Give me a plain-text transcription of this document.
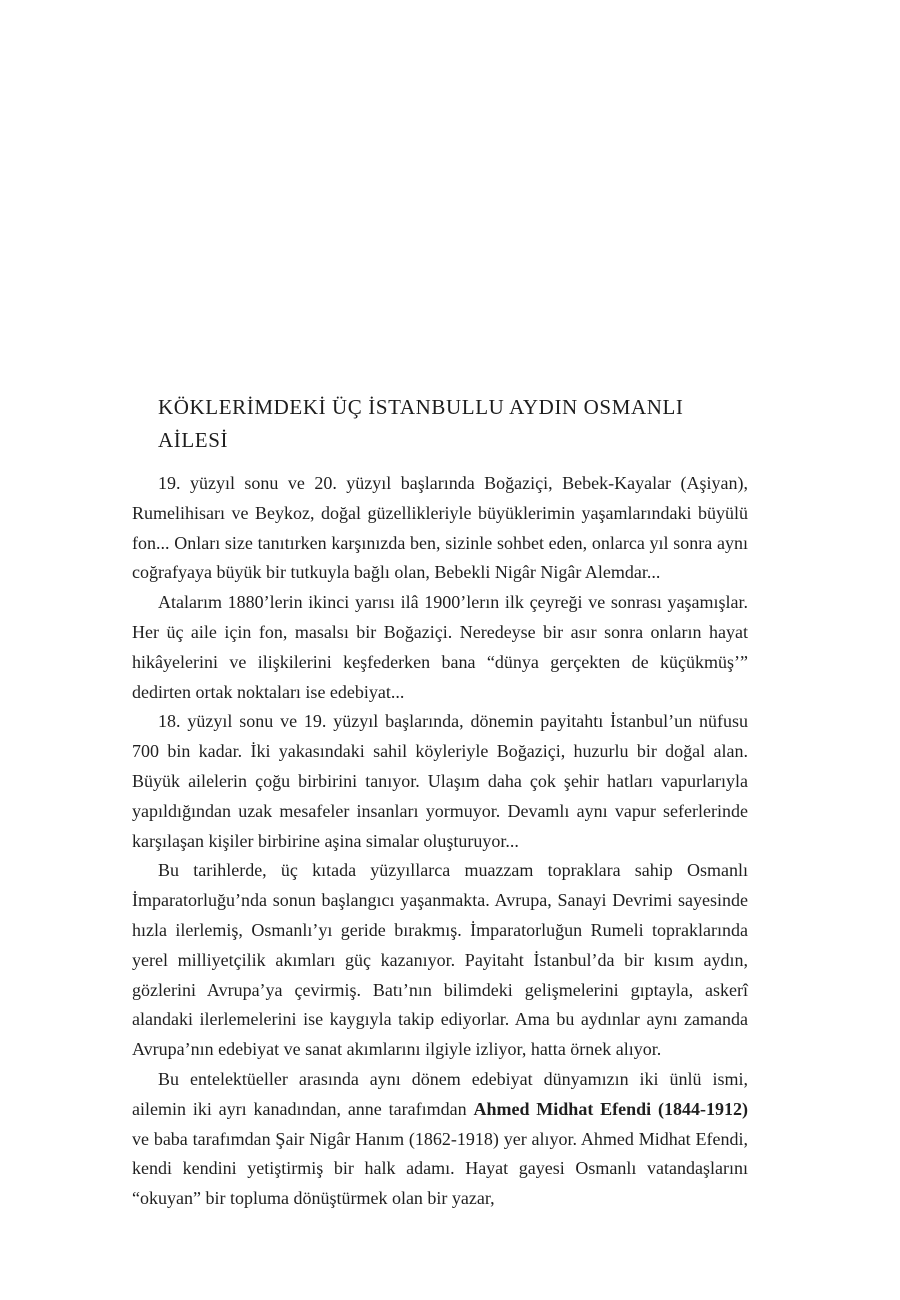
KÖKLERİMDEKİ ÜÇ İSTANBULLU AYDIN OSMANLI AİLESİ

19. yüzyıl sonu ve 20. yüzyıl başlarında Boğaziçi, Bebek-Kayalar (Aşiyan), Rumelihisarı ve Beykoz, doğal güzellikleriyle büyüklerimin yaşamlarındaki büyülü fon... Onları size tanıtırken karşınızda ben, sizinle sohbet eden, onlarca yıl sonra aynı coğrafyaya büyük bir tutkuyla bağlı olan, Bebekli Nigâr Nigâr Alemdar...

Atalarım 1880’lerin ikinci yarısı ilâ 1900’lerın ilk çeyreği ve sonrası yaşamışlar. Her üç aile için fon, masalsı bir Boğaziçi. Neredeyse bir asır sonra onların hayat hikâyelerini ve ilişkilerini keşfederken bana “dünya gerçekten de küçükmüş’” dedirten ortak noktaları ise edebiyat...

18. yüzyıl sonu ve 19. yüzyıl başlarında, dönemin payitahtı İstanbul’un nüfusu 700 bin kadar. İki yakasındaki sahil köyleriyle Boğaziçi, huzurlu bir doğal alan. Büyük ailelerin çoğu birbirini tanıyor. Ulaşım daha çok şehir hatları vapurlarıyla yapıldığından uzak mesafeler insanları yormuyor. Devamlı aynı vapur seferlerinde karşılaşan kişiler birbirine aşina simalar oluşturuyor...

Bu tarihlerde, üç kıtada yüzyıllarca muazzam topraklara sahip Osmanlı İmparatorluğu’nda sonun başlangıcı yaşanmakta. Avrupa, Sanayi Devrimi sayesinde hızla ilerlemiş, Osmanlı’yı geride bırakmış. İmparatorluğun Rumeli topraklarında yerel milliyetçilik akımları güç kazanıyor. Payitaht İstanbul’da bir kısım aydın, gözlerini Avrupa’ya çevirmiş. Batı’nın bilimdeki gelişmelerini gıptayla, askerî alandaki ilerlemelerini ise kaygıyla takip ediyorlar. Ama bu aydınlar aynı zamanda Avrupa’nın edebiyat ve sanat akımlarını ilgiyle izliyor, hatta örnek alıyor.

Bu entelektüeller arasında aynı dönem edebiyat dünyamızın iki ünlü ismi, ailemin iki ayrı kanadından, anne tarafımdan Ahmed Midhat Efendi (1844-1912) ve baba tarafımdan Şair Nigâr Hanım (1862-1918) yer alıyor. Ahmed Midhat Efendi, kendi kendini yetiştirmiş bir halk adamı. Hayat gayesi Osmanlı vatandaşlarını “okuyan” bir topluma dönüştürmek olan bir yazar,
